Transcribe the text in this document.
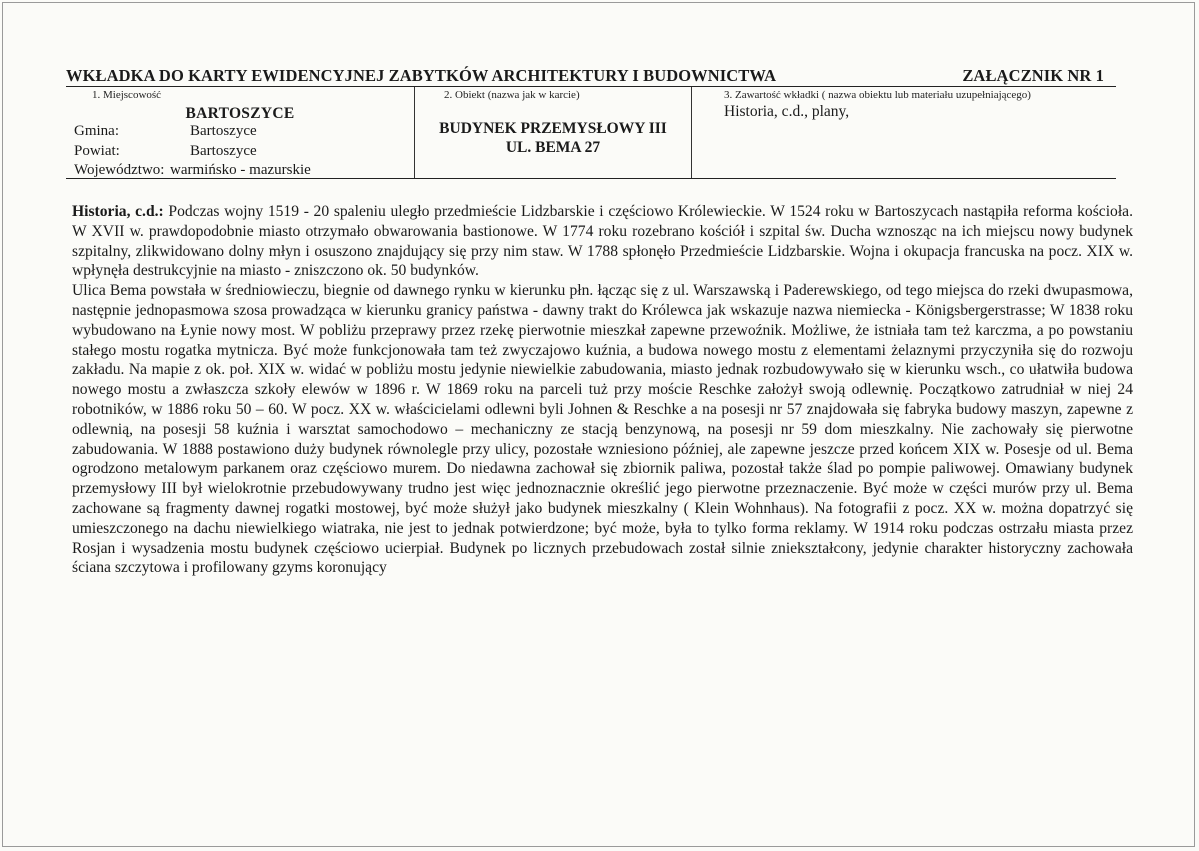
WKŁADKA DO KARTY EWIDENCYJNEJ ZABYTKÓW ARCHITEKTURY I BUDOWNICTWA	ZAŁĄCZNIK NR 1
1. Miejscowość
BARTOSZYCE
Gmina:	Bartoszyce
Powiat:	Bartoszyce
Województwo: warmińsko - mazurskie
2. Obiekt (nazwa jak w karcie)
BUDYNEK PRZEMYSŁOWY III
UL. BEMA 27
3. Zawartość wkładki ( nazwa obiektu lub materiału uzupełniającego)
Historia, c.d., plany,

Historia, c.d.: Podczas wojny 1519 - 20 spaleniu uległo przedmieście Lidzbarskie i częściowo Królewieckie. W 1524 roku w Bartoszycach nastąpiła reforma kościoła. W XVII w. prawdopodobnie miasto otrzymało obwarowania bastionowe. W 1774 roku rozebrano kościół i szpital św. Ducha wznosząc na ich miejscu nowy budynek szpitalny, zlikwidowano dolny młyn i osuszono znajdujący się przy nim staw. W 1788 spłonęło Przedmieście Lidzbarskie. Wojna i okupacja francuska na pocz. XIX w. wpłynęła destrukcyjnie na miasto - zniszczono ok. 50 budynków.

Ulica Bema powstała w średniowieczu, biegnie od dawnego rynku w kierunku płn. łącząc się z ul. Warszawską i Paderewskiego, od tego miejsca do rzeki dwupasmowa, następnie jednopasmowa szosa prowadząca w kierunku granicy państwa - dawny trakt do Królewca jak wskazuje nazwa niemiecka - Königsbergerstrasse; W 1838 roku wybudowano na Łynie nowy most. W pobliżu przeprawy przez rzekę pierwotnie mieszkał zapewne przewoźnik. Możliwe, że istniała tam też karczma, a po powstaniu stałego mostu rogatka mytnicza. Być może funkcjonowała tam też zwyczajowo kuźnia, a budowa nowego mostu z elementami żelaznymi przyczyniła się do rozwoju zakładu. Na mapie z ok. poł. XIX w. widać w pobliżu mostu jedynie niewielkie zabudowania, miasto jednak rozbudowywało się w kierunku wsch., co ułatwiła budowa nowego mostu a zwłaszcza szkoły elewów w 1896 r. W 1869 roku na parceli tuż przy moście Reschke założył swoją odlewnię. Początkowo zatrudniał w niej 24 robotników, w 1886 roku 50 – 60. W pocz. XX w. właścicielami odlewni byli Johnen & Reschke a na posesji nr 57 znajdowała się fabryka budowy maszyn, zapewne z odlewnią, na posesji 58 kuźnia i warsztat samochodowo – mechaniczny ze stacją benzynową, na posesji nr 59 dom mieszkalny. Nie zachowały się pierwotne zabudowania. W 1888 postawiono duży budynek równolegle przy ulicy, pozostałe wzniesiono później, ale zapewne jeszcze przed końcem XIX w. Posesje od ul. Bema ogrodzono metalowym parkanem oraz częściowo murem. Do niedawna zachował się zbiornik paliwa, pozostał także ślad po pompie paliwowej. Omawiany budynek przemysłowy III był wielokrotnie przebudowywany trudno jest więc jednoznacznie określić jego pierwotne przeznaczenie. Być może w części murów przy ul. Bema zachowane są fragmenty dawnej rogatki mostowej, być może służył jako budynek mieszkalny ( Klein Wohnhaus). Na fotografii z pocz. XX w. można dopatrzyć się umieszczonego na dachu niewielkiego wiatraka, nie jest to jednak potwierdzone; być może, była to tylko forma reklamy. W 1914 roku podczas ostrzału miasta przez Rosjan i wysadzenia mostu budynek częściowo ucierpiał. Budynek po licznych przebudowach został silnie zniekształcony, jedynie charakter historyczny zachowała ściana szczytowa i profilowany gzyms koronujący
